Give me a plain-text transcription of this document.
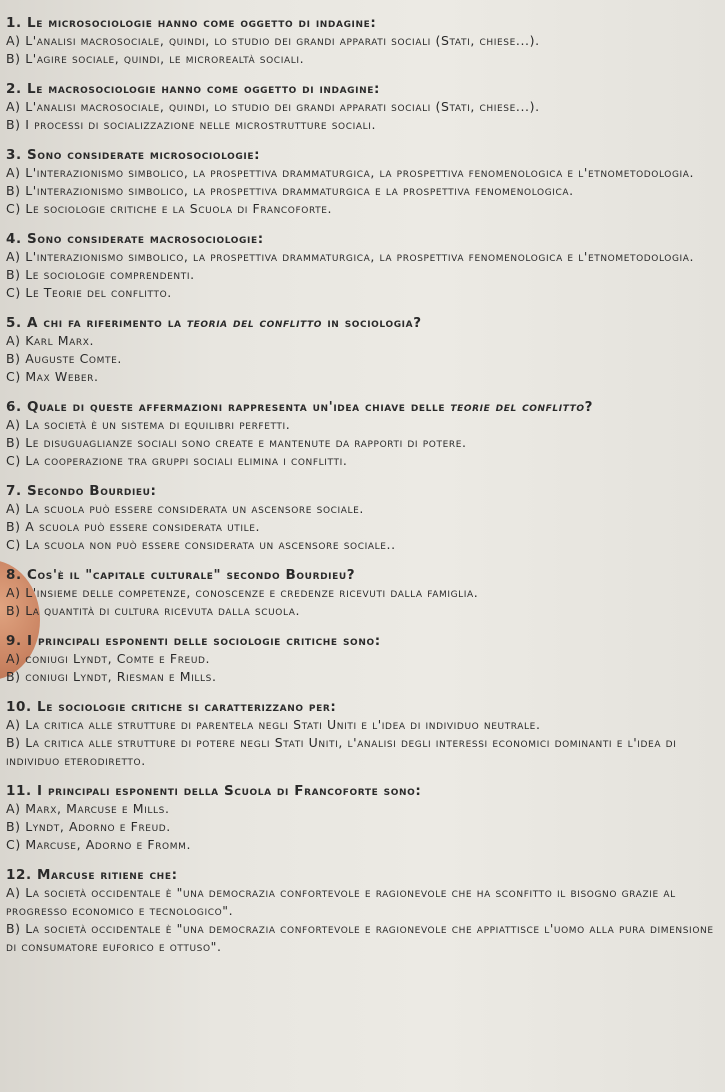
1. Le microsociologie hanno come oggetto di indagine:
A) L'analisi macrosociale, quindi, lo studio dei grandi apparati sociali (Stati, chiese...).
B) L'agire sociale, quindi, le microrealtà sociali.
2. Le macrosociologie hanno come oggetto di indagine:
A) L'analisi macrosociale, quindi, lo studio dei grandi apparati sociali (Stati, chiese...).
B) I processi di socializzazione nelle microstrutture sociali.
3. Sono considerate microsociologie:
A) L'interazionismo simbolico, la prospettiva drammaturgica, la prospettiva fenomenologica e l'etnometodologia.
B) L'interazionismo simbolico, la prospettiva drammaturgica e la prospettiva fenomenologica.
C) Le sociologie critiche e la Scuola di Francoforte.
4. Sono considerate macrosociologie:
A) L'interazionismo simbolico, la prospettiva drammaturgica, la prospettiva fenomenologica e l'etnometodologia.
B) Le sociologie comprendenti.
C) Le Teorie del conflitto.
5. A chi fa riferimento la teoria del conflitto in sociologia?
A) Karl Marx.
B) Auguste Comte.
C) Max Weber.
6. Quale di queste affermazioni rappresenta un'idea chiave delle teorie del conflitto?
A) La società è un sistema di equilibri perfetti.
B) Le disuguaglianze sociali sono create e mantenute da rapporti di potere.
C) La cooperazione tra gruppi sociali elimina i conflitti.
7. Secondo Bourdieu:
A) La scuola può essere considerata un ascensore sociale.
B) A scuola può essere considerata utile.
C) La scuola non può essere considerata un ascensore sociale..
8. Cos'è il "capitale culturale" secondo Bourdieu?
A) L'insieme delle competenze, conoscenze e credenze ricevuti dalla famiglia.
B) La quantità di cultura ricevuta dalla scuola.
9. I principali esponenti delle sociologie critiche sono:
A) coniugi Lyndt, Comte e Freud.
B) coniugi Lyndt, Riesman e Mills.
10. Le sociologie critiche si caratterizzano per:
A) La critica alle strutture di parentela negli Stati Uniti e l'idea di individuo neutrale.
B) La critica alle strutture di potere negli Stati Uniti, l'analisi degli interessi economici dominanti e l'idea di individuo eterodiretto.
11. I principali esponenti della Scuola di Francoforte sono:
A) Marx, Marcuse e Mills.
B) Lyndt, Adorno e Freud.
C) Marcuse, Adorno e Fromm.
12. Marcuse ritiene che:
A) La società occidentale è "una democrazia confortevole e ragionevole che ha sconfitto il bisogno grazie al progresso economico e tecnologico".
B) La società occidentale è "una democrazia confortevole e ragionevole che appiattisce l'uomo alla pura dimensione di consumatore euforico e ottuso".
